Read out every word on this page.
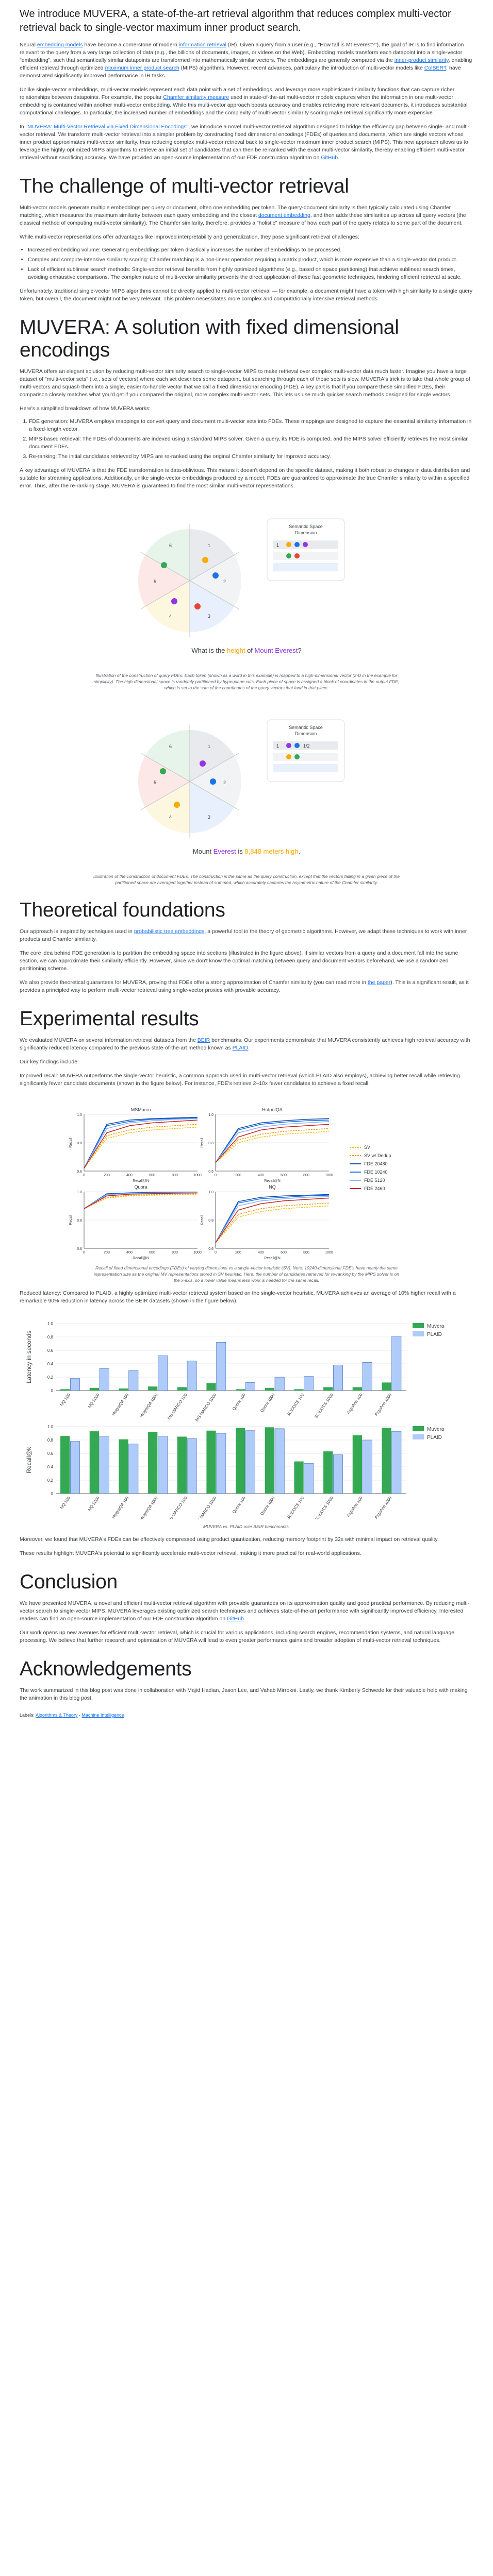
We introduce MUVERA, a state-of-the-art retrieval algorithm that reduces complex multi-vector retrieval back to single-vector maximum inner product search.

Neural embedding models have become a cornerstone of modern information retrieval (IR). Given a query from a user (e.g., "How tall is Mt Everest?"), the goal of IR is to find information relevant to the query from a very large collection of data (e.g., the billions of documents, images, or videos on the Web). Embedding models transform each datapoint into a single-vector "embedding", such that semantically similar datapoints are transformed into mathematically similar vectors. The embeddings are generally compared via the inner-product similarity, enabling efficient retrieval through optimized maximum inner product search (MIPS) algorithms. However, recent advances, particularly the introduction of multi-vector models like ColBERT, have demonstrated significantly improved performance in IR tasks.

Unlike single-vector embeddings, multi-vector models represent each data point with a set of embeddings, and leverage more sophisticated similarity functions that can capture richer relationships between datapoints. For example, the popular Chamfer similarity measure used in state-of-the-art multi-vector models captures when the information in one multi-vector embedding is contained within another multi-vector embedding. While this multi-vector approach boosts accuracy and enables retrieving more relevant documents, it introduces substantial computational challenges. In particular, the increased number of embeddings and the complexity of multi-vector similarity scoring make retrieval significantly more expensive.

In "MUVERA: Multi-Vector Retrieval via Fixed Dimensional Encodings", we introduce a novel multi-vector retrieval algorithm designed to bridge the efficiency gap between single- and multi-vector retrieval. We transform multi-vector retrieval into a simpler problem by constructing fixed dimensional encodings (FDEs) of queries and documents, which are single vectors whose inner product approximates multi-vector similarity, thus reducing complex multi-vector retrieval back to single-vector maximum inner product search (MIPS). This new approach allows us to leverage the highly-optimized MIPS algorithms to retrieve an initial set of candidates that can then be re-ranked with the exact multi-vector similarity, thereby enabling efficient multi-vector retrieval without sacrificing accuracy. We have provided an open-source implementation of our FDE construction algorithm on GitHub.

The challenge of multi-vector retrieval

Multi-vector models generate multiple embeddings per query or document, often one embedding per token. The query-document similarity is then typically calculated using Chamfer matching, which measures the maximum similarity between each query embedding and the closest document embedding, and then adds these similarities up across all query vectors (the classical method of computing multi-vector similarity). The Chamfer similarity, therefore, provides a "holistic" measure of how each part of the query relates to some part of the document.

While multi-vector representations offer advantages like improved interpretability and generalization, they pose significant retrieval challenges:

• Increased embedding volume: Generating embeddings per token drastically increases the number of embeddings to be processed.
• Complex and compute-intensive similarity scoring: Chamfer matching is a non-linear operation requiring a matrix product, which is more expensive than a single-vector dot product.
• Lack of efficient sublinear search methods: Single-vector retrieval benefits from highly optimized algorithms (e.g., based on space partitioning) that achieve sublinear search times, avoiding exhaustive comparisons. The complex nature of multi-vector similarity prevents the direct application of these fast geometric techniques, hindering efficient retrieval at scale.

Unfortunately, traditional single-vector MIPS algorithms cannot be directly applied to multi-vector retrieval — for example, a document might have a token with high similarity to a single query token, but overall, the document might not be very relevant. This problem necessitates more complex and computationally intensive retrieval methods.

MUVERA: A solution with fixed dimensional encodings

MUVERA offers an elegant solution by reducing multi-vector similarity search to single-vector MIPS to make retrieval over complex multi-vector data much faster. Imagine you have a large dataset of "multi-vector sets" (i.e., sets of vectors) where each set describes some datapoint, but searching through each of those sets is slow. MUVERA's trick is to take that whole group of multi-vectors and squash them into a single, easier-to-handle vector that we call a fixed dimensional encoding (FDE). A key part is that if you compare these simplified FDEs, their comparison closely matches what you'd get if you compared the original, more complex multi-vector sets. This lets us use much quicker search methods designed for single vectors.

Here's a simplified breakdown of how MUVERA works:

1. FDE generation: MUVERA employs mappings to convert query and document multi-vector sets into FDEs. These mappings are designed to capture the essential similarity information in a fixed-length vector.
2. MIPS-based retrieval: The FDEs of documents are indexed using a standard MIPS solver. Given a query, its FDE is computed, and the MIPS solver efficiently retrieves the most similar document FDEs.
3. Re-ranking: The initial candidates retrieved by MIPS are re-ranked using the original Chamfer similarity for improved accuracy.

A key advantage of MUVERA is that the FDE transformation is data-oblivious. This means it doesn't depend on the specific dataset, making it both robust to changes in data distribution and suitable for streaming applications. Additionally, unlike single-vector embeddings produced by a model, FDEs are guaranteed to approximate the true Chamfer similarity to within a specified error. Thus, after the re-ranking stage, MUVERA is guaranteed to find the most similar multi-vector representations.

1
2
3
4
5
6
Semantic Space
Dimension
1
What is the height of Mount Everest?
Illustration of the construction of query FDEs. Each token (shown as a word in this example) is mapped to a high-dimensional vector (2-D in the example for simplicity). The high-dimensional space is randomly partitioned by hyperplane cuts. Each piece of space is assigned a block of coordinates in the output FDE, which is set to the sum of the coordinates of the query vectors that land in that piece.
1
2
3
4
5
6
Semantic Space
Dimension
1	1/2
Mount Everest is 8,848 meters high.
Illustration of the construction of document FDEs. The construction is the same as the query construction, except that the vectors falling in a given piece of the partitioned space are averaged together instead of summed, which accurately captures the asymmetric nature of the Chamfer similarity.
Theoretical foundations

Our approach is inspired by techniques used in probabilistic tree embeddings, a powerful tool in the theory of geometric algorithms. However, we adapt these techniques to work with inner products and Chamfer similarity.

The core idea behind FDE generation is to partition the embedding space into sections (illustrated in the figure above). If similar vectors from a query and a document fall into the same section, we can approximate their similarity efficiently. However, since we don't know the optimal matching between query and document vectors beforehand, we use a randomized partitioning scheme.

We also provide theoretical guarantees for MUVERA, proving that FDEs offer a strong approximation of Chamfer similarity (you can read more in the paper). This is a significant result, as it provides a principled way to perform multi-vector retrieval using single-vector proxies with provable accuracy.

Experimental results

We evaluated MUVERA on several information retrieval datasets from the BEIR benchmarks. Our experiments demonstrate that MUVERA consistently achieves high retrieval accuracy with significantly reduced latency compared to the previous state-of-the-art method known as PLAID.

Our key findings include:

Improved recall: MUVERA outperforms the single-vector heuristic, a common approach used in multi-vector retrieval (which PLAID also employs), achieving better recall while retrieving significantly fewer candidate documents (shown in the figure below). For instance, FDE's retrieve 2–10x fewer candidates to achieve a fixed recall.

MSMarco
0.6
0.8
1.0
0	200	400	600	800	1000
Recall@N
Recall
HotpotQA
0.6
0.8
1.0
0	200	400	600	800	1000
Recall@N
Recall
Quora
0.6
0.8
1.0
0	200	400	600	800	1000
Recall@N
Recall
NQ
0.6
0.8
1.0
0	200	400	600	800	1000
Recall@N
Recall
SV
SV w/ Dedup
FDE 20480
FDE 10240
FDE 5120
FDE 2460
Recall of fixed dimensional encodings (FDEs) of varying dimensions vs a single-vector heuristic (SV). Note: 10240-dimensional FDE's have nearly the same representation size as the original MV representations stored in SV heuristic. Here, the number of candidates retrieved for re-ranking by the MIPS solver is on the x-axis, so a lower value means less work is needed for the same recall.

Reduced latency: Compared to PLAID, a highly optimized multi-vector retrieval system based on the single-vector heuristic, MUVERA achieves an average of 10% higher recall with a remarkable 90% reduction in latency across the BEIR datasets (shown in the figure below).

0
0.2
0.4
0.6
0.8
1.0
Latency in seconds
NQ 100	NQ 1000	HotpotQA 100 HotpotQA 1000 MS MARCO 100 MS MARCO 1000	Quora 100	Quora 1000 SCIDOCS 100 SCIDOCS 1000	ArguAna 100 ArguAna 1000
Muvera
PLAID
0
0.2
0.4
0.6
0.8
1.0
Recall@k
NQ 100	NQ 1000	HotpotQA 100 HotpotQA 1000 MS MARCO 100 MS MARCO 1000	Quora 100	Quora 1000 SCIDOCS 100 SCIDOCS 1000	ArguAna 100 ArguAna 1000
Muvera
PLAID
MUVERA vs. PLAID over BEIR benchmarks.

Moreover, we found that MUVERA's FDEs can be effectively compressed using product quantization, reducing memory footprint by 32x with minimal impact on retrieval quality.

These results highlight MUVERA's potential to significantly accelerate multi-vector retrieval, making it more practical for real-world applications.

Conclusion

We have presented MUVERA, a novel and efficient multi-vector retrieval algorithm with provable guarantees on its approximation quality and good practical performance. By reducing multi-vector search to single-vector MIPS, MUVERA leverages existing optimized search techniques and achieves state-of-the-art performance with significantly improved efficiency. Interested readers can find an open-source implementation of our FDE construction algorithm on GitHub.

Our work opens up new avenues for efficient multi-vector retrieval, which is crucial for various applications, including search engines, recommendation systems, and natural language processing. We believe that further research and optimization of MUVERA will lead to even greater performance gains and broader adoption of multi-vector retrieval techniques.

Acknowledgements

The work summarized in this blog post was done in collaboration with Majid Hadian, Jason Lee, and Vahab Mirrokni. Lastly, we thank Kimberly Schwede for their valuable help with making the animation in this blog post.

Labels: Algorithms & Theory · Machine Intelligence
